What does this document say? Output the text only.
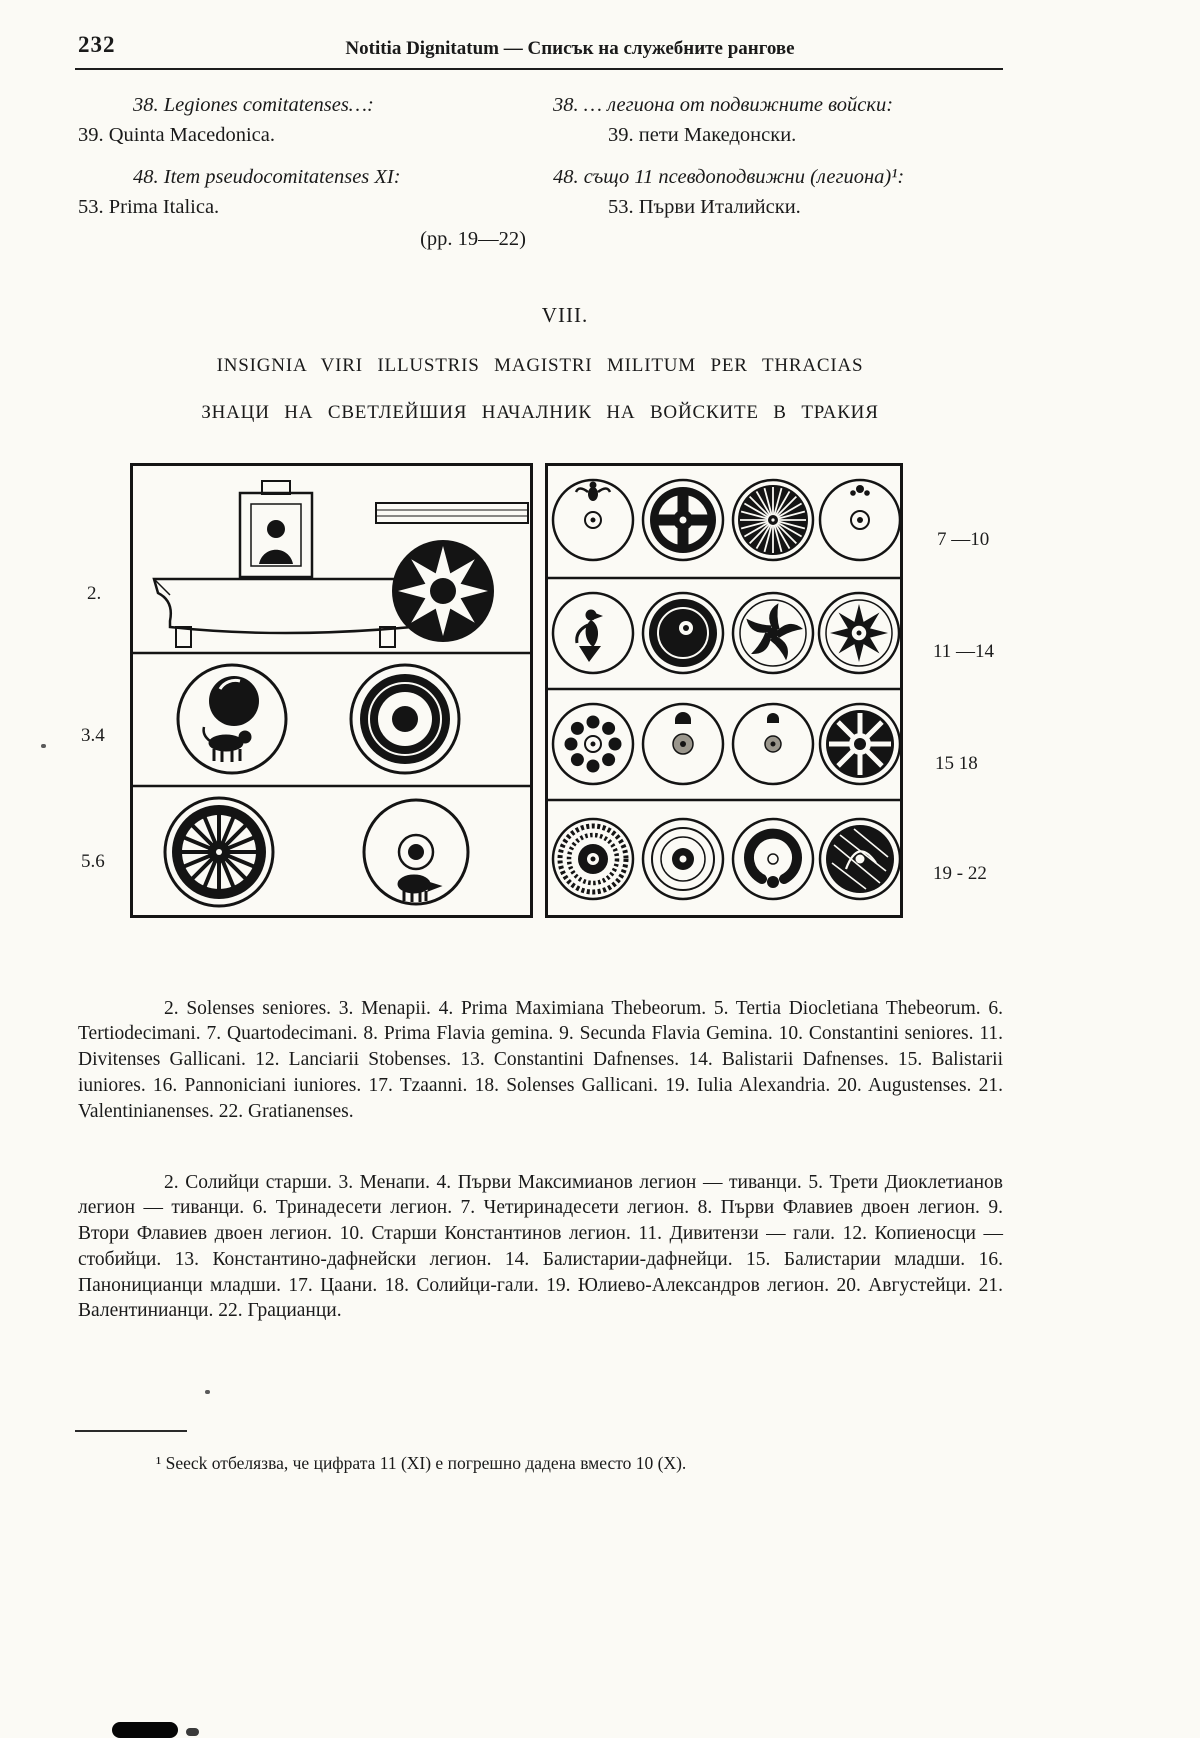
232	Notitia Dignitatum — Списък на служебните рангове
38. Legiones comitatenses…:
39. Quinta Macedonica.
48. Item pseudocomitatenses XI:
53. Prima Italica.
(pp. 19—22)
38. … легиона от подвижните войски:
39. пети Македонски.
48. също 11 псевдоподвижни (легиона)¹:
53. Първи Италийски.
VIII.
INSIGNIA VIRI ILLUSTRIS MAGISTRI MILITUM PER THRACIAS
ЗНАЦИ НА СВЕТЛЕЙШИЯ НАЧАЛНИК НА ВОЙСКИТЕ В ТРАКИЯ
2.
3.4
5.6
7 —10
11 —14
15 18
19 - 22

2. Solenses seniores. 3. Menapii. 4. Prima Maximiana Thebeorum. 5. Tertia Diocletiana Thebeorum. 6. Tertiodecimani. 7. Quartodecimani. 8. Prima Flavia gemina. 9. Secunda Flavia Gemina. 10. Constantini seniores. 11. Divitenses Gallicani. 12. Lanciarii Stobenses. 13. Constantini Dafnenses. 14. Balistarii Dafnenses. 15. Balistarii iuniores. 16. Pannoniciani iuniores. 17. Tzaanni. 18. Solenses Gallicani. 19. Iulia Alexandria. 20. Augustenses. 21. Valentinianenses. 22. Gratianenses.

2. Солийци старши. 3. Менапи. 4. Първи Максимианов легион — тиванци. 5. Трети Диоклетианов легион — тиванци. 6. Тринадесети легион. 7. Четиринадесети легион. 8. Първи Флавиев двоен легион. 9. Втори Флавиев двоен легион. 10. Старши Константинов легион. 11. Дивитензи — гали. 12. Копиеносци — стобийци. 13. Константино-дафнейски легион. 14. Балистарии-дафнейци. 15. Балистарии младши. 16. Паноницианци младши. 17. Цаани. 18. Солийци-гали. 19. Юлиево-Александров легион. 20. Августейци. 21. Валентинианци. 22. Грацианци.

¹ Seeck отбелязва, че цифрата 11 (XI) е погрешно дадена вместо 10 (X).
